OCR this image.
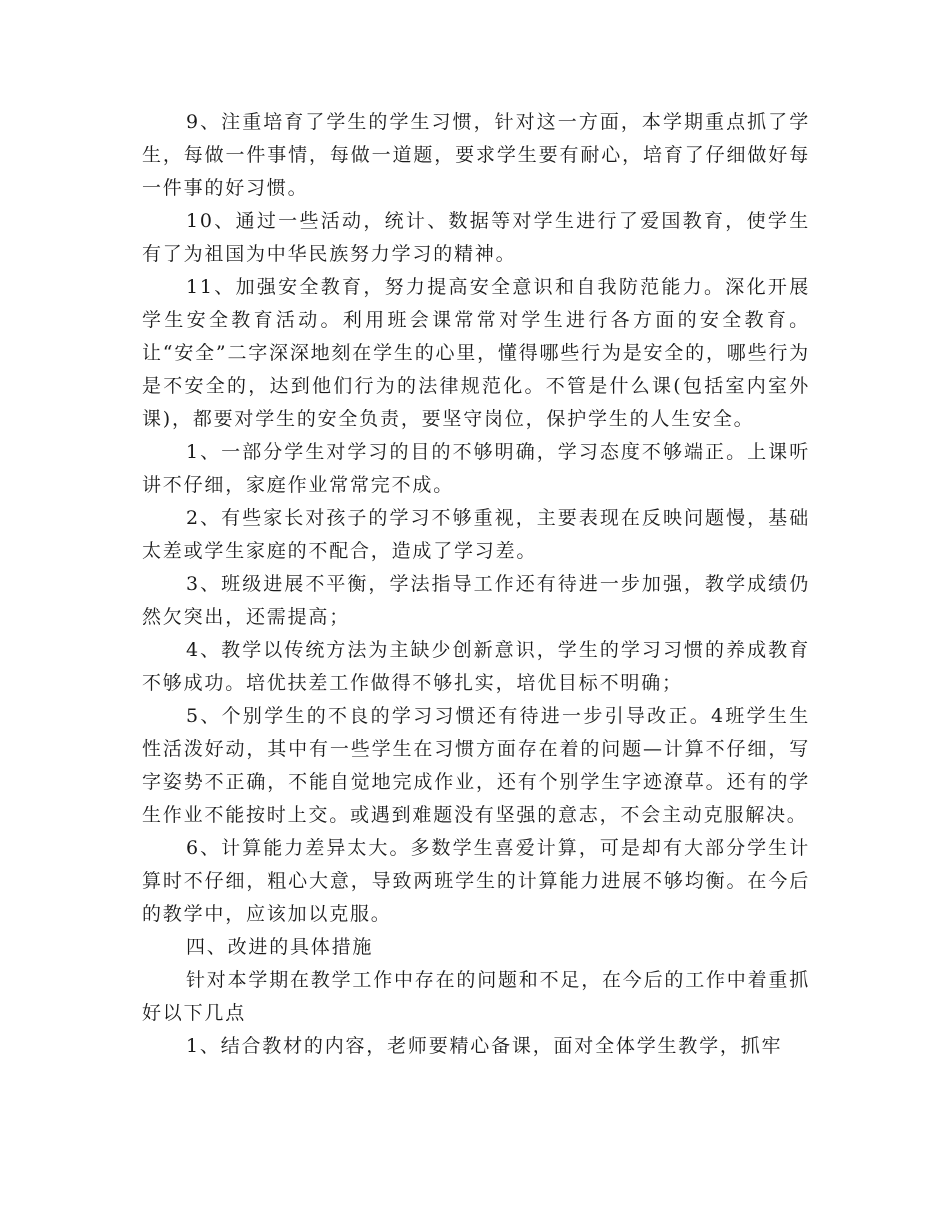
9、注重培育了学生的学生习惯，针对这一方面，本学期重点抓了学生，每做一件事情，每做一道题，要求学生要有耐心，培育了仔细做好每一件事的好习惯。

10、通过一些活动，统计、数据等对学生进行了爱国教育，使学生有了为祖国为中华民族努力学习的精神。

11、加强安全教育，努力提高安全意识和自我防范能力。深化开展学生安全教育活动。利用班会课常常对学生进行各方面的安全教育。让“安全”二字深深地刻在学生的心里，懂得哪些行为是安全的，哪些行为是不安全的，达到他们行为的法律规范化。不管是什么课(包括室内室外课)，都要对学生的安全负责，要坚守岗位，保护学生的人生安全。

1、一部分学生对学习的目的不够明确，学习态度不够端正。上课听讲不仔细，家庭作业常常完不成。

2、有些家长对孩子的学习不够重视，主要表现在反映问题慢，基础太差或学生家庭的不配合，造成了学习差。

3、班级进展不平衡，学法指导工作还有待进一步加强，教学成绩仍然欠突出，还需提高；

4、教学以传统方法为主缺少创新意识，学生的学习习惯的养成教育不够成功。培优扶差工作做得不够扎实，培优目标不明确；

5、个别学生的不良的学习习惯还有待进一步引导改正。4班学生生性活泼好动，其中有一些学生在习惯方面存在着的问题—计算不仔细，写字姿势不正确，不能自觉地完成作业，还有个别学生字迹潦草。还有的学生作业不能按时上交。或遇到难题没有坚强的意志，不会主动克服解决。

6、计算能力差异太大。多数学生喜爱计算，可是却有大部分学生计算时不仔细，粗心大意，导致两班学生的计算能力进展不够均衡。在今后的教学中，应该加以克服。

四、改进的具体措施

针对本学期在教学工作中存在的问题和不足，在今后的工作中着重抓好以下几点

1、结合教材的内容，老师要精心备课，面对全体学生教学，抓牢
